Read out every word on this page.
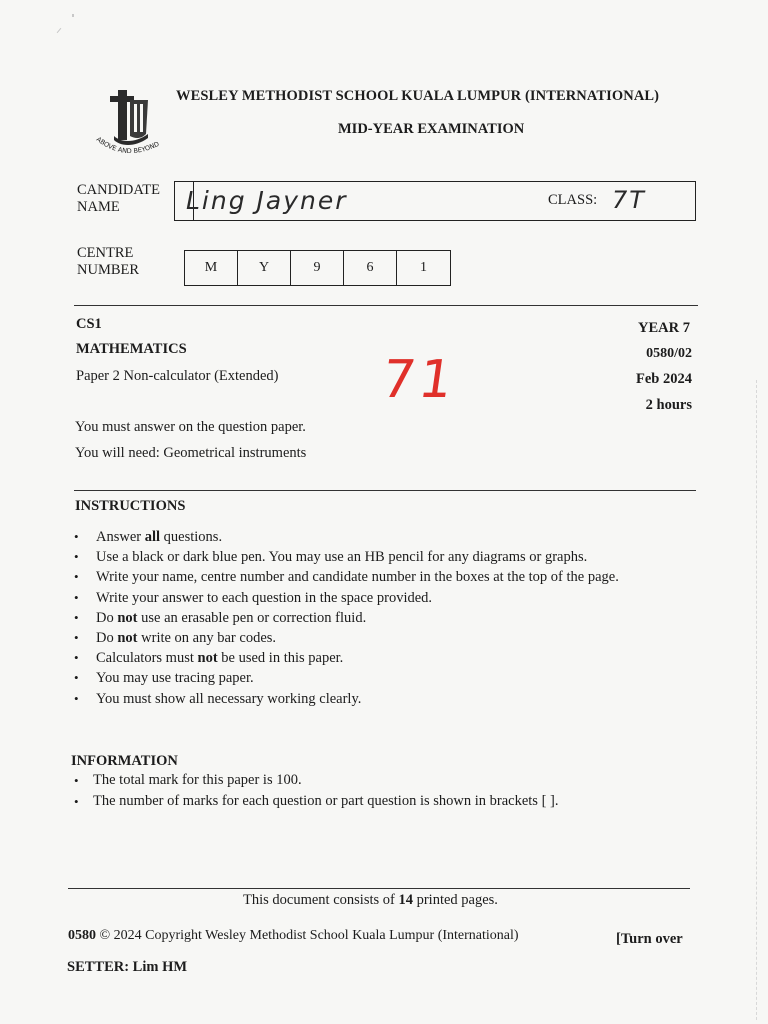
ABOVE AND BEYOND
WESLEY METHODIST SCHOOL KUALA LUMPUR (INTERNATIONAL)
MID-YEAR EXAMINATION
CANDIDATE
NAME	Ling Jayner	CLASS: 7T
CENTRE
NUMBER	M	Y	9	6	1
CS1
MATHEMATICS
Paper 2 Non-calculator (Extended)
YEAR 7
0580/02
Feb 2024
2 hours
71
You must answer on the question paper.
You will need: Geometrical instruments
INSTRUCTIONS
• Answer all questions.
• Use a black or dark blue pen. You may use an HB pencil for any diagrams or graphs.
• Write your name, centre number and candidate number in the boxes at the top of the page.
• Write your answer to each question in the space provided.
• Do not use an erasable pen or correction fluid.
• Do not write on any bar codes.
• Calculators must not be used in this paper.
• You may use tracing paper.
• You must show all necessary working clearly.
INFORMATION
• The total mark for this paper is 100.
• The number of marks for each question or part question is shown in brackets [ ].
This document consists of 14 printed pages.
0580 © 2024 Copyright Wesley Methodist School Kuala Lumpur (International)	[Turn over
SETTER: Lim HM
